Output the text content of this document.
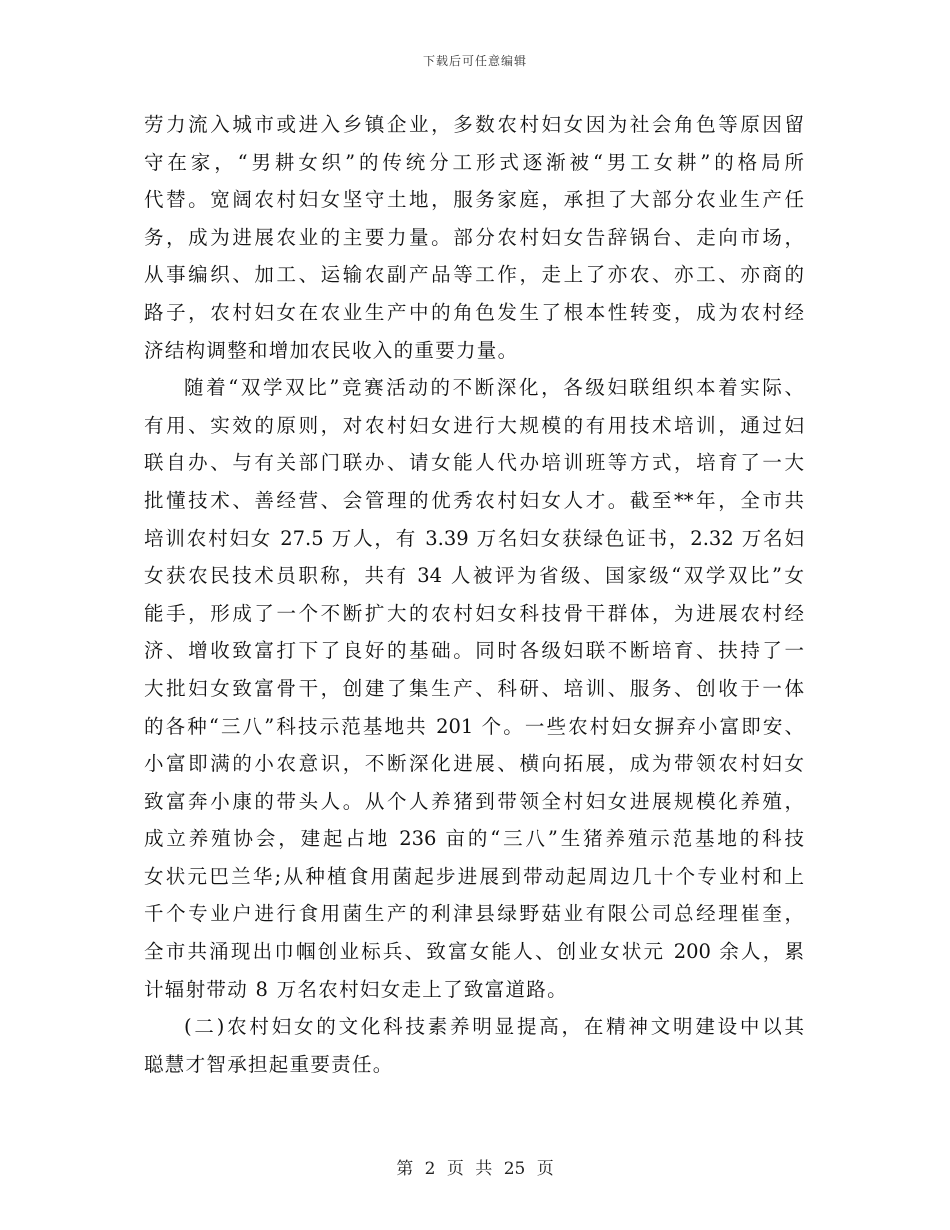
下载后可任意编辑
劳力流入城市或进入乡镇企业，多数农村妇女因为社会角色等原因留
守在家，“男耕女织”的传统分工形式逐渐被“男工女耕”的格局所
代替。宽阔农村妇女坚守土地，服务家庭，承担了大部分农业生产任
务，成为进展农业的主要力量。部分农村妇女告辞锅台、走向市场，
从事编织、加工、运输农副产品等工作，走上了亦农、亦工、亦商的
路子，农村妇女在农业生产中的角色发生了根本性转变，成为农村经
济结构调整和增加农民收入的重要力量。
随着“双学双比”竞赛活动的不断深化，各级妇联组织本着实际、
有用、实效的原则，对农村妇女进行大规模的有用技术培训，通过妇
联自办、与有关部门联办、请女能人代办培训班等方式，培育了一大
批懂技术、善经营、会管理的优秀农村妇女人才。截至**年，全市共
培训农村妇女 27.5 万人，有 3.39 万名妇女获绿色证书，2.32 万名妇
女获农民技术员职称，共有 34 人被评为省级、国家级“双学双比”女
能手，形成了一个不断扩大的农村妇女科技骨干群体，为进展农村经
济、增收致富打下了良好的基础。同时各级妇联不断培育、扶持了一
大批妇女致富骨干，创建了集生产、科研、培训、服务、创收于一体
的各种“三八”科技示范基地共 201 个。一些农村妇女摒弃小富即安、
小富即满的小农意识，不断深化进展、横向拓展，成为带领农村妇女
致富奔小康的带头人。从个人养猪到带领全村妇女进展规模化养殖，
成立养殖协会，建起占地 236 亩的“三八”生猪养殖示范基地的科技
女状元巴兰华;从种植食用菌起步进展到带动起周边几十个专业村和上
千个专业户进行食用菌生产的利津县绿野菇业有限公司总经理崔奎，
全市共涌现出巾帼创业标兵、致富女能人、创业女状元 200 余人，累
计辐射带动 8 万名农村妇女走上了致富道路。
(二)农村妇女的文化科技素养明显提高，在精神文明建设中以其
聪慧才智承担起重要责任。
第 2 页 共 25 页
